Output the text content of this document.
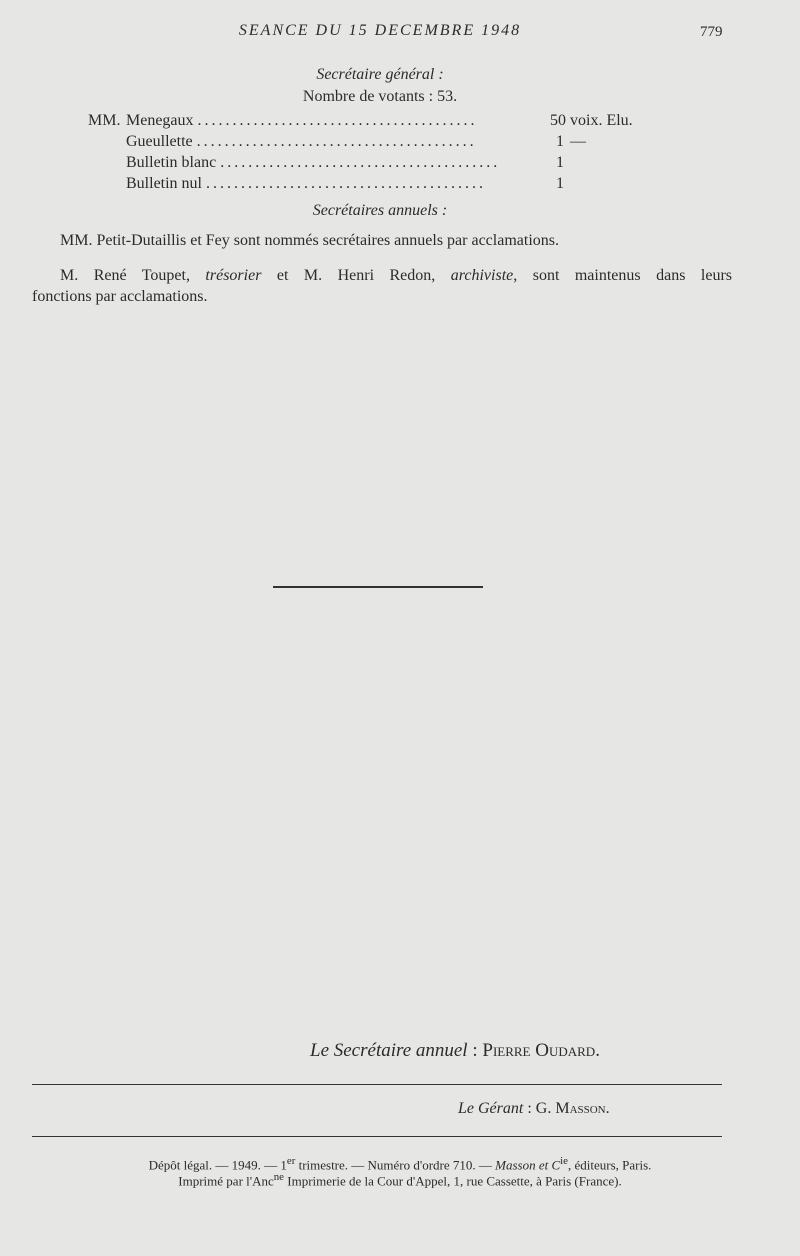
SEANCE DU 15 DECEMBRE 1948	779
Secrétaire général :
Nombre de votants : 53.
MM. Menegaux ........................................	50 voix. Elu.
Gueullette ........................................	1 —
Bulletin blanc ........................................	1
Bulletin nul ........................................	1
Secrétaires annuels :
MM. Petit-Dutaillis et Fey sont nommés secrétaires annuels par acclamations.
M. René Toupet, trésorier et M. Henri Redon, archiviste, sont maintenus dans leurs
fonctions par acclamations.
Le Secrétaire annuel : Pierre Oudard.
Le Gérant : G. Masson.
Dépôt légal. — 1949. — 1er trimestre. — Numéro d'ordre 710. — Masson et $C^{ie}$, éditeurs, Paris.
Imprimé par l'Anc$^{ne}$ Imprimerie de la Cour d'Appel, 1, rue Cassette, à Paris (France).
